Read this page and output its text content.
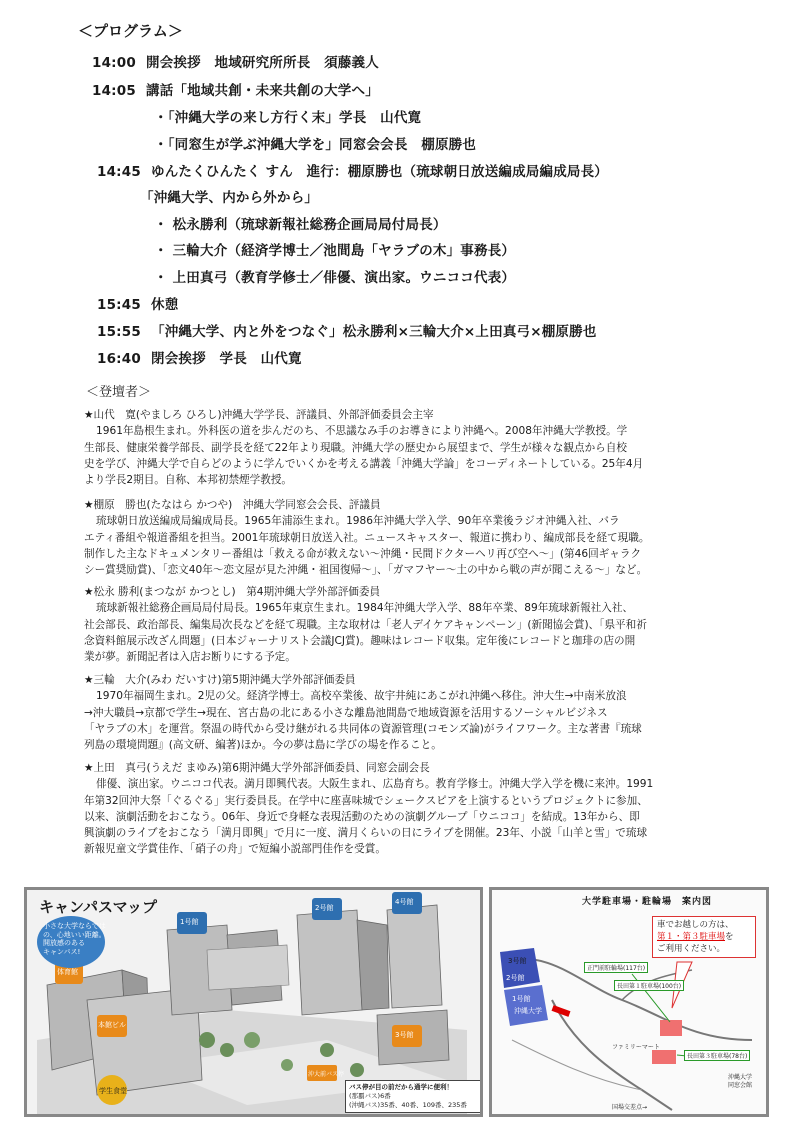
＜プログラム＞
14:00 開会挨拶　地域研究所所長　須藤義人
14:05 講話「地域共創・未来共創の大学へ」
・「沖縄大学の来し方行く末」学長　山代寛
・「同窓生が学ぶ沖縄大学を」同窓会会長　棚原勝也
14:45 ゆんたくひんたく すん　進行：棚原勝也（琉球朝日放送編成局編成局長）
「沖縄大学、内から外から」
・ 松永勝利（琉球新報社総務企画局局付局長）
・ 三輪大介（経済学博士／池間島「ヤラブの木」事務長）
・ 上田真弓（教育学修士／俳優、演出家。ウニココ代表）
15:45 休憩
15:55 「沖縄大学、内と外をつなぐ」松永勝利×三輪大介×上田真弓×棚原勝也
16:40 閉会挨拶　学長　山代寛
＜登壇者＞
★山代　寛(やましろ ひろし)沖縄大学学長、評議員、外部評価委員会主宰
1961年島根生まれ。外科医の道を歩んだのち、不思議なみ手のお導きにより沖縄へ。2008年沖縄大学教授。学
生部長、健康栄養学部長、副学長を経て22年より現職。沖縄大学の歴史から展望まで、学生が様々な観点から自校
史を学び、沖縄大学で自らどのように学んでいくかを考える講義「沖縄大学論」をコーディネートしている。25年4月
より学長2期目。自称、本邦初禁煙学教授。
★棚原　勝也(たなはら かつや)　沖縄大学同窓会会長、評議員
琉球朝日放送編成局編成局長。1965年浦添生まれ。1986年沖縄大学入学、90年卒業後ラジオ沖縄入社、バラ
エティ番組や報道番組を担当。2001年琉球朝日放送入社。ニュースキャスター、報道に携わり、編成部長を経て現職。
制作した主なドキュメンタリー番組は「救える命が救えない～沖縄・民間ドクターヘリ再び空へ～」(第46回ギャラク
シー賞奨励賞)、「恋文40年～恋文屋が見た沖縄・祖国復帰～」、「ガマフヤー～土の中から戦の声が聞こえる～」など。
★松永 勝利(まつなが かつとし)　第4期沖縄大学外部評価委員
琉球新報社総務企画局局付局長。1965年東京生まれ。1984年沖縄大学入学、88年卒業、89年琉球新報社入社、
社会部長、政治部長、編集局次長などを経て現職。主な取材は「老人デイケアキャンペーン」(新聞協会賞)、「県平和祈
念資料館展示改ざん問題」(日本ジャーナリスト会議JCJ賞)。趣味はレコード収集。定年後にレコードと珈琲の店の開
業が夢。新聞記者は入店お断りにする予定。
★三輪　大介(みわ だいすけ)第5期沖縄大学外部評価委員
1970年福岡生まれ。2児の父。経済学博士。高校卒業後、故宇井純にあこがれ沖縄へ移住。沖大生→中南米放浪
→沖大職員→京都で学生→現在、宮古島の北にある小さな離島池間島で地域資源を活用するソーシャルビジネス
「ヤラブの木」を運営。祭温の時代から受け継がれる共同体の資源管理(コモンズ論)がライフワーク。主な著書『琉球
列島の環境問題』(高文研、編著)ほか。今の夢は島に学びの場を作ること。
★上田　真弓(うえだ まゆみ)第6期沖縄大学外部評価委員、同窓会副会長
俳優、演出家。ウニココ代表。満月即興代表。大阪生まれ、広島育ち。教育学修士。沖縄大学入学を機に来沖。1991
年第32回沖大祭「ぐるぐる」実行委員長。在学中に座喜味城でシェークスピアを上演するというプロジェクトに参加、
以来、演劇活動をおこなう。06年、身近で身軽な表現活動のための演劇グループ「ウニココ」を結成。13年から、即
興演劇のライブをおこなう「満月即興」で月に一度、満月くらいの日にライブを開催。23年、小説「山羊と雪」で琉球
新報児童文学賞佳作、「硝子の舟」で短編小説部門佳作を受賞。
キャンパスマップ
小さな大学ならでは
の、心地いい距離。
開放感のある
キャンパス!
1号館
2号館
3号館
4号館
本館ビル
体育館
学生食堂
沖大前バス停
バス停が目の前だから通学に便利！
(那覇バス)6番
(沖縄バス)35番、40番、109番、235番
大学駐車場・駐輪場　案内図
車でお越しの方は、
第１・第３駐車場を
ご利用ください。
3号館
2号館
1号館
沖縄大学
正門前駐輪場(117台)
長田第１駐車場(100台)
長田第３駐車場(78台)
ファミリーマート
沖縄大学
同窓会館
国場交差点→
